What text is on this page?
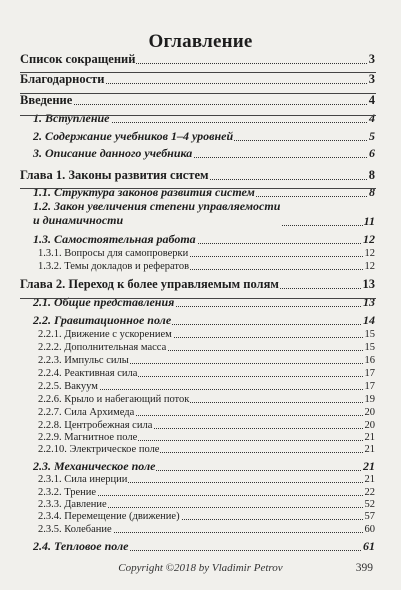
Оглавление
Список сокращений	3
Благодарности	3
Введение	4
1. Вступление	4
2. Содержание учебников 1–4 уровней	5
3. Описание данного учебника	6
Глава 1. Законы развития систем	8
1.1. Структура законов развития систем	8
1.2. Закон увеличения степени управляемости
и динамичности	11
1.3. Самостоятельная работа	12
1.3.1. Вопросы для самопроверки	12
1.3.2. Темы докладов и рефератов	12
Глава 2. Переход к более управляемым полям	13
2.1. Общие представления	13
2.2. Гравитационное поле	14
2.2.1. Движение с ускорением	15
2.2.2. Дополнительная масса	15
2.2.3. Импульс силы	16
2.2.4. Реактивная сила	17
2.2.5. Вакуум	17
2.2.6. Крыло и набегающий поток	19
2.2.7. Сила Архимеда	20
2.2.8. Центробежная сила	20
2.2.9. Магнитное поле	21
2.2.10. Электрическое поле	21
2.3. Механическое поле	21
2.3.1. Сила инерции	21
2.3.2. Трение	22
2.3.3. Давление	52
2.3.4. Перемещение (движение)	57
2.3.5. Колебание	60
2.4. Тепловое поле	61
Copyright ©2018 by Vladimir Petrov	399
